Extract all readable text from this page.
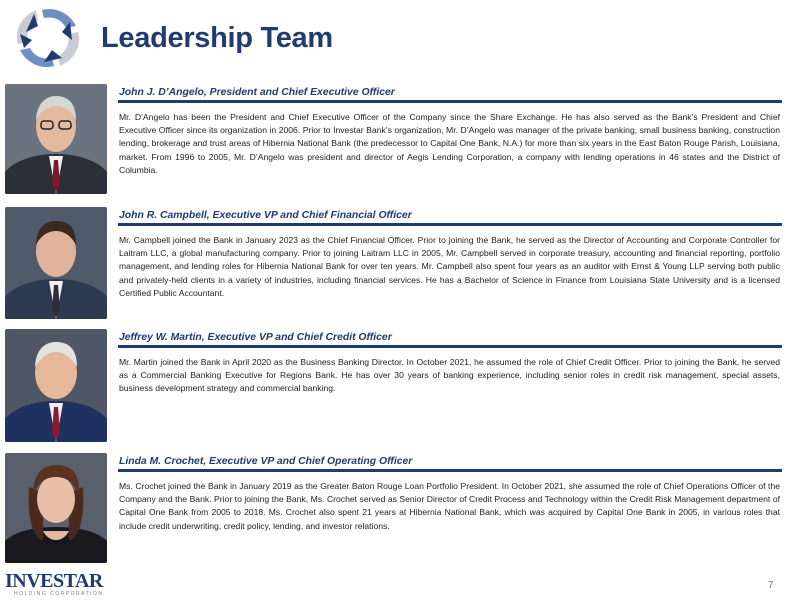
Leadership Team
John J. D’Angelo, President and Chief Executive Officer

Mr. D’Angelo has been the President and Chief Executive Officer of the Company since the Share Exchange. He has also served as the Bank’s President and Chief Executive Officer since its organization in 2006. Prior to Investar Bank’s organization, Mr. D’Angelo was manager of the private banking, small business banking, construction lending, brokerage and trust areas of Hibernia National Bank (the predecessor to Capital One Bank, N.A.) for more than six years in the East Baton Rouge Parish, Louisiana, market. From 1996 to 2005, Mr. D’Angelo was president and director of Aegis Lending Corporation, a company with lending operations in 46 states and the District of Columbia.

John R. Campbell, Executive VP and Chief Financial Officer

Mr. Campbell joined the Bank in January 2023 as the Chief Financial Officer. Prior to joining the Bank, he served as the Director of Accounting and Corporate Controller for Laitram LLC, a global manufacturing company. Prior to joining Laitram LLC in 2005, Mr. Campbell served in corporate treasury, accounting and financial reporting, portfolio management, and lending roles for Hibernia National Bank for over ten years. Mr. Campbell also spent four years as an auditor with Ernst & Young LLP serving both public and privately-held clients in a variety of industries, including financial services. He has a Bachelor of Science in Finance from Louisiana State University and is a licensed Certified Public Accountant.

Jeffrey W. Martin, Executive VP and Chief Credit Officer

Mr. Martin joined the Bank in April 2020 as the Business Banking Director. In October 2021, he assumed the role of Chief Credit Officer. Prior to joining the Bank, he served as a Commercial Banking Executive for Regions Bank. He has over 30 years of banking experience, including senior roles in credit risk management, special assets, business development strategy and commercial banking.

Linda M. Crochet, Executive VP and Chief Operating Officer

Ms. Crochet joined the Bank in January 2019 as the Greater Baton Rouge Loan Portfolio President. In October 2021, she assumed the role of Chief Operations Officer of the Company and the Bank. Prior to joining the Bank, Ms. Crochet served as Senior Director of Credit Process and Technology within the Credit Risk Management department of Capital One Bank from 2005 to 2018. Ms. Crochet also spent 21 years at Hibernia National Bank, which was acquired by Capital One Bank in 2005, in various roles that include credit underwriting, credit policy, lending, and investor relations.

INVESTAR
HOLDING CORPORATION
7
